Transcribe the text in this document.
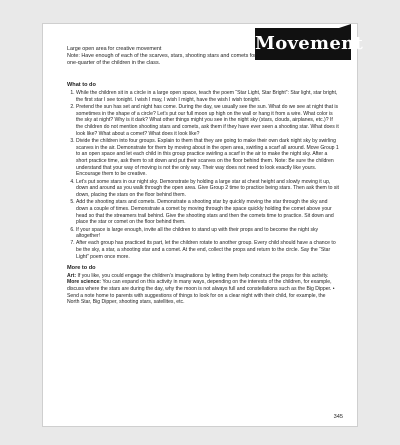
Movement

Large open area for creative movement

Note: Have enough of each of the scarves, stars, shooting stars and comets for one-quarter of the children in the class.

What to do
1. While the children sit in a circle in a large open space, teach the poem “Star Light, Star Bright”: Star light, star bright, the first star I see tonight. I wish I may, I wish I might, have the wish I wish tonight.
2. Pretend the sun has set and night has come. During the day, we usually see the sun. What do we see at night that is sometimes in the shape of a circle? Let’s put our full moon up high on the wall or hang it from a wire. What color is the sky at night? Why is it dark? What other things might you see in the night sky (stars, clouds, airplanes, etc.)? If the children do not mention shooting stars and comets, ask them if they have ever seen a shooting star. What does it look like? What about a comet? What does it look like?
3. Divide the children into four groups. Explain to them that they are going to make their own dark night sky by swirling scarves in the air. Demonstrate for them by moving about in the open area, swirling a scarf all around. Move Group 1 to an open space and let each child in this group practice swirling a scarf in the air to make the night sky. After a short practice time, ask them to sit down and put their scarves on the floor behind them. Note: Be sure the children understand that your way of moving is not the only way. Their way does not need to look exactly like yours. Encourage them to be creative.
4. Let’s put some stars in our night sky. Demonstrate by holding a large star at chest height and slowly moving it up, down and around as you walk through the open area. Give Group 2 time to practice being stars. Then ask them to sit down, placing the stars on the floor behind them.
5. Add the shooting stars and comets. Demonstrate a shooting star by quickly moving the star through the sky and down a couple of times. Demonstrate a comet by moving through the space quickly holding the comet above your head so that the streamers trail behind. Give the shooting stars and then the comets time to practice. Sit down and place the star or comet on the floor behind them.
6. If your space is large enough, invite all the children to stand up with their props and to become the night sky altogether!
7. After each group has practiced its part, let the children rotate to another group. Every child should have a chance to be the sky, a star, a shooting star and a comet. At the end, collect the props and return to the circle. Say the “Star Light” poem once more.
More to do

Art: If you like, you could engage the children’s imaginations by letting them help construct the props for this activity.

More science: You can expand on this activity in many ways, depending on the interests of the children, for example, discuss where the stars are during the day, why the moon is not always full and constellations such as the Big Dipper. • Send a note home to parents with suggestions of things to look for on a clear night with their child, for example, the North Star, Big Dipper, shooting stars, satellites, etc.

345
